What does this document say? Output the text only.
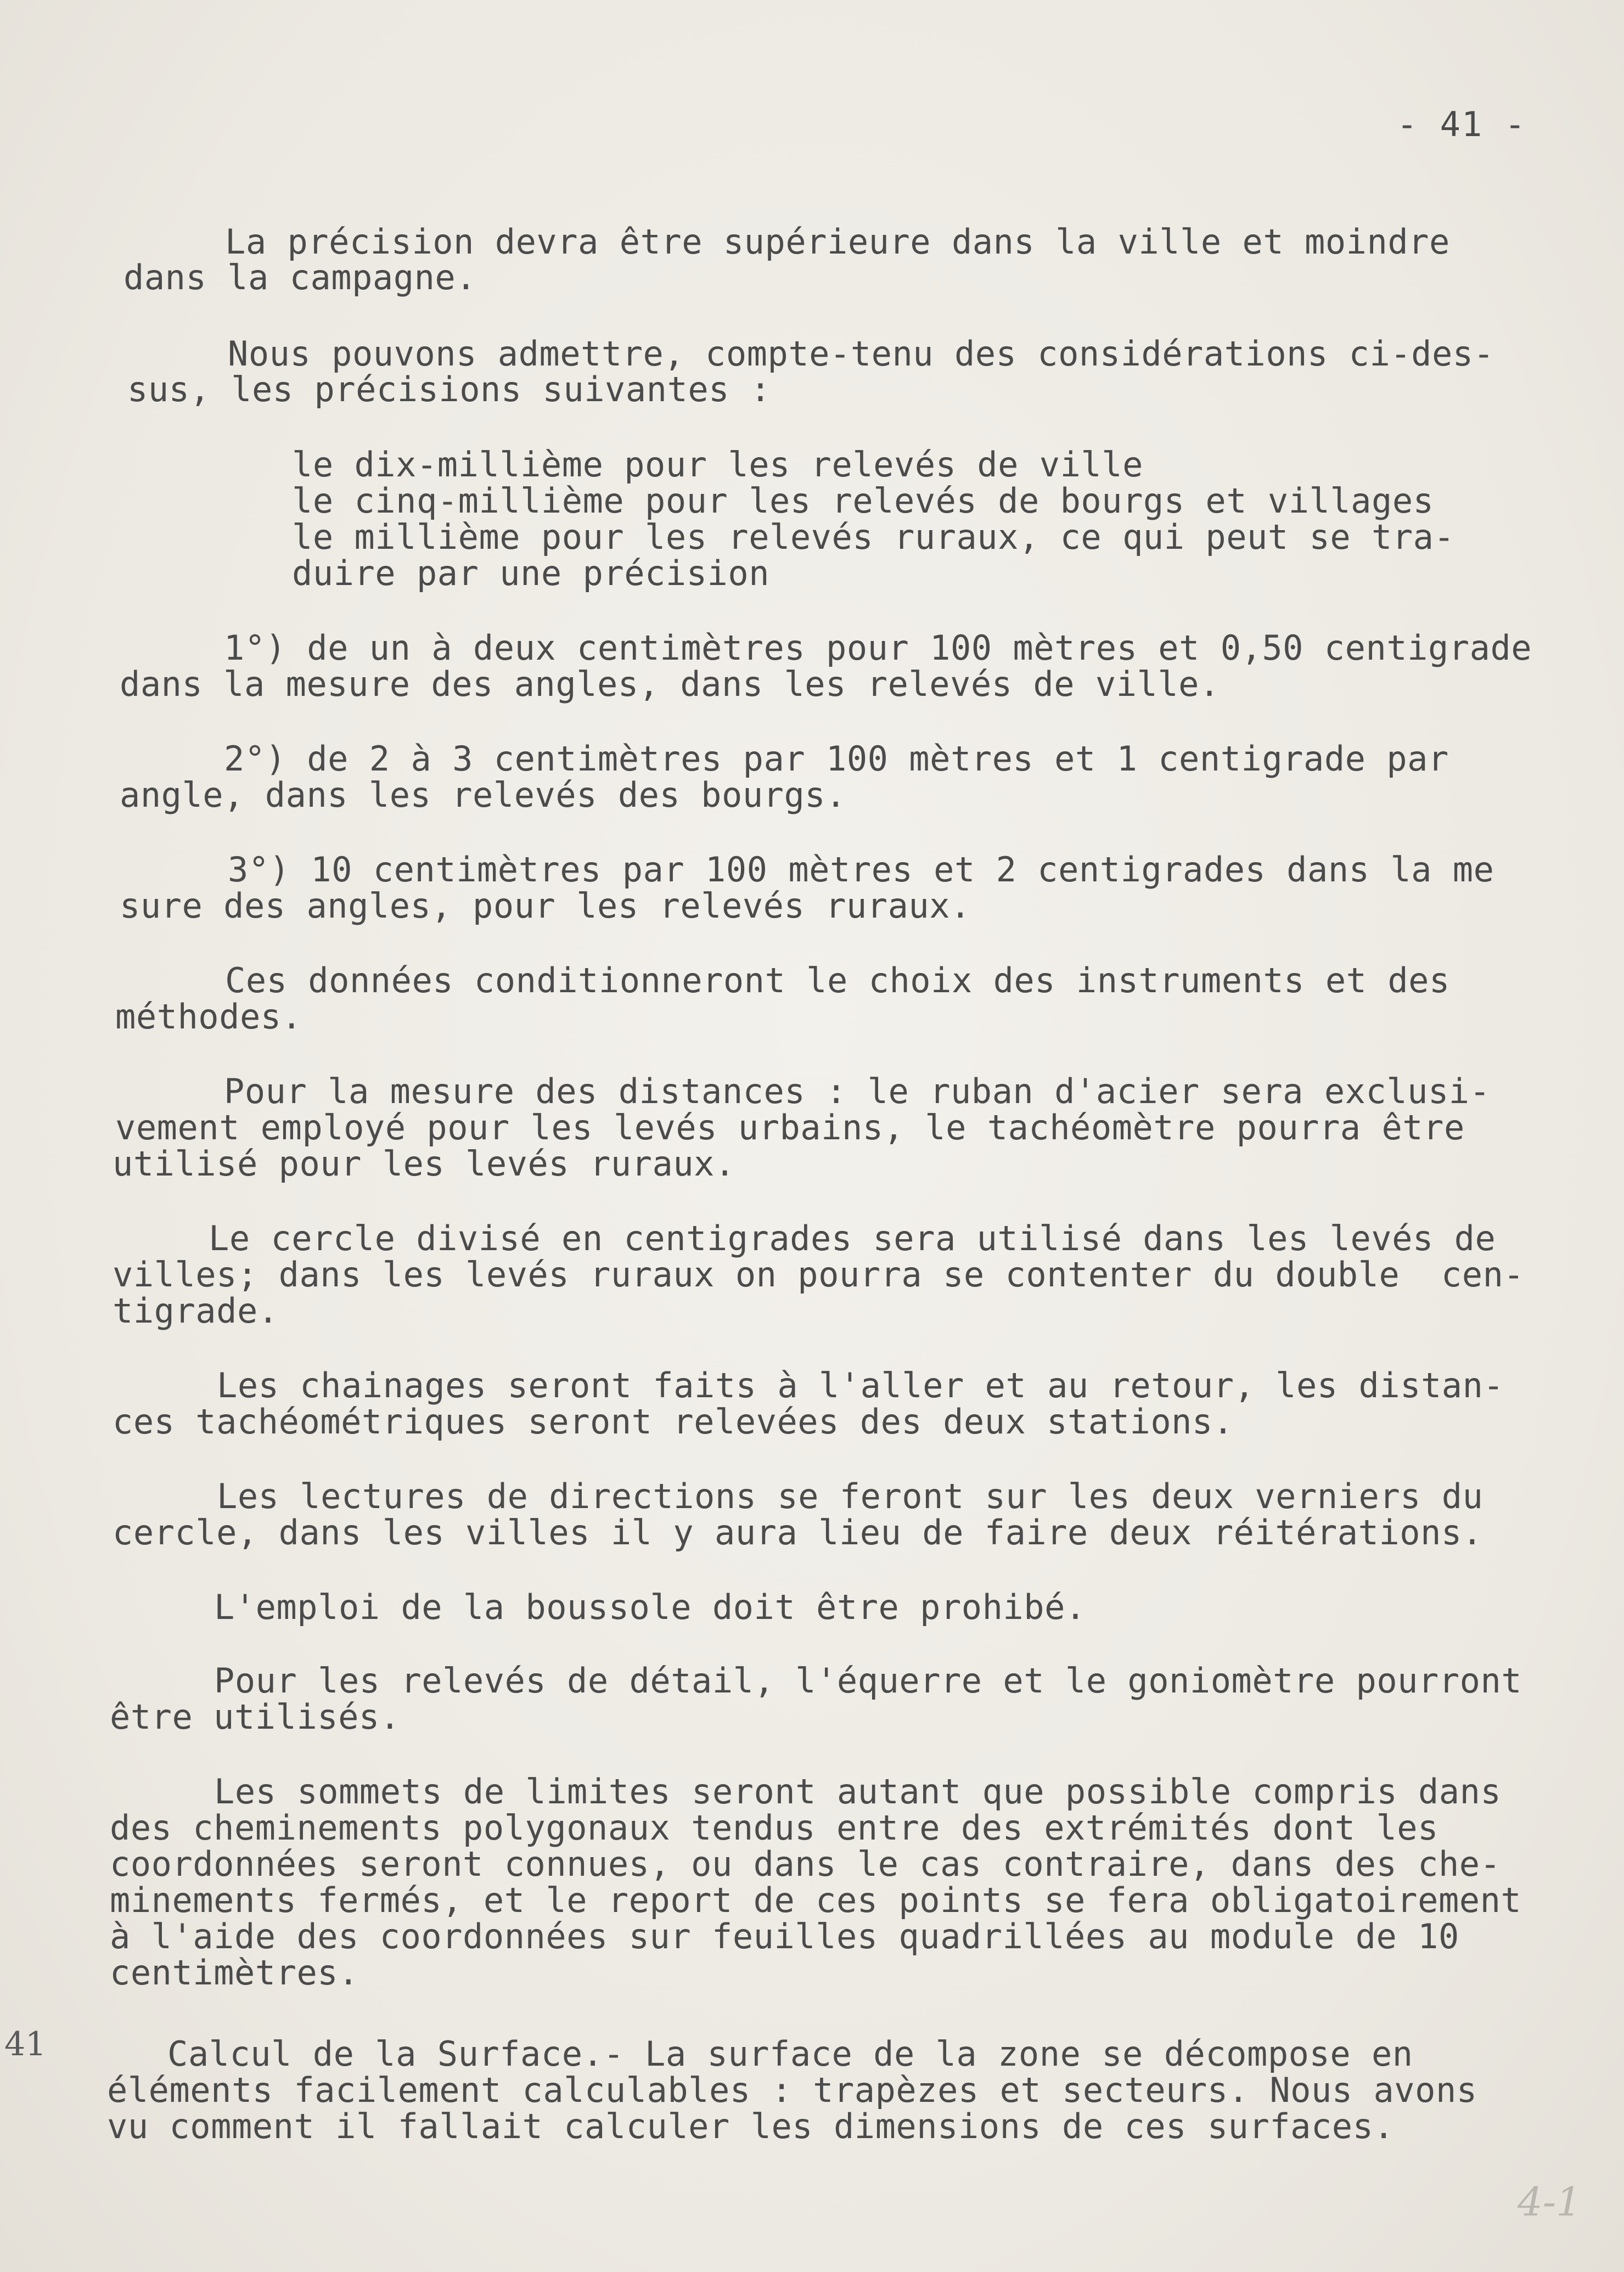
- 41 -
La précision devra être supérieure dans la ville et moindre
dans la campagne.
Nous pouvons admettre, compte-tenu des considérations ci-des-
sus, les précisions suivantes :
le dix-millième pour les relevés de ville
le cinq-millième pour les relevés de bourgs et villages
le millième pour les relevés ruraux, ce qui peut se tra-
duire par une précision
1°) de un à deux centimètres pour 100 mètres et 0,50 centigrade
dans la mesure des angles, dans les relevés de ville.
2°) de 2 à 3 centimètres par 100 mètres et 1 centigrade par
angle, dans les relevés des bourgs.
3°) 10 centimètres par 100 mètres et 2 centigrades dans la me
sure des angles, pour les relevés ruraux.
Ces données conditionneront le choix des instruments et des
méthodes.
Pour la mesure des distances : le ruban d'acier sera exclusi-
vement employé pour les levés urbains, le tachéomètre pourra être
utilisé pour les levés ruraux.
Le cercle divisé en centigrades sera utilisé dans les levés de
villes; dans les levés ruraux on pourra se contenter du double  cen-
tigrade.
Les chainages seront faits à l'aller et au retour, les distan-
ces tachéométriques seront relevées des deux stations.
Les lectures de directions se feront sur les deux verniers du
cercle, dans les villes il y aura lieu de faire deux réitérations.
L'emploi de la boussole doit être prohibé.
Pour les relevés de détail, l'équerre et le goniomètre pourront
être utilisés.
Les sommets de limites seront autant que possible compris dans
des cheminements polygonaux tendus entre des extrémités dont les
coordonnées seront connues, ou dans le cas contraire, dans des che-
minements fermés, et le report de ces points se fera obligatoirement
à l'aide des coordonnées sur feuilles quadrillées au module de 10
centimètres.
Calcul de la Surface.- La surface de la zone se décompose en
éléments facilement calculables : trapèzes et secteurs. Nous avons
vu comment il fallait calculer les dimensions de ces surfaces.
41
4-1
